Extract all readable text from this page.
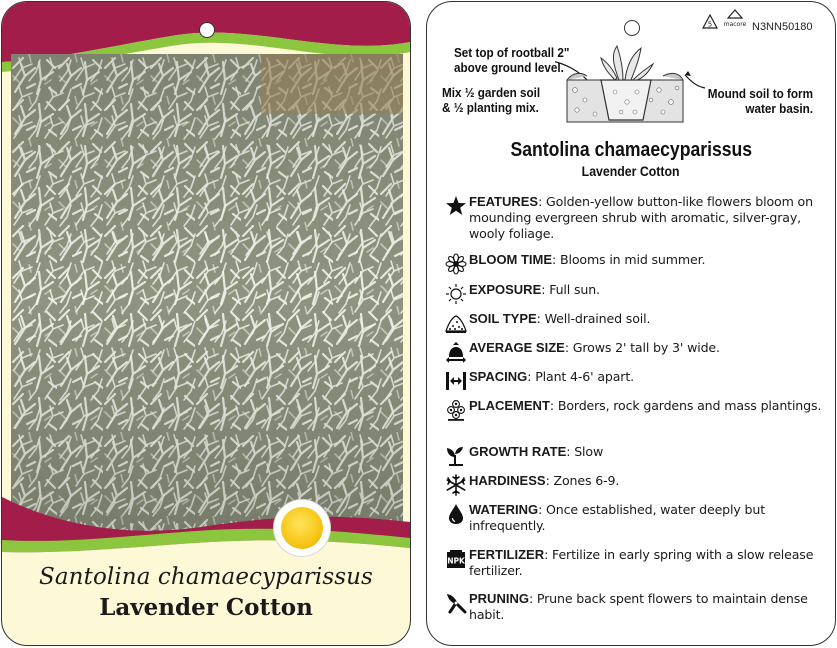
Santolina chamaecyparissus
Lavender Cotton
5 macore N3NN50180

Set top of rootball 2"

above ground level.

Mix ½ garden soil

& ½ planting mix.

Mound soil to form

water basin.

Santolina chamaecyparissus
Lavender Cotton
FEATURES: Golden-yellow button-like flowers bloom on mounding evergreen shrub with aromatic, silver-gray, wooly foliage.
BLOOM TIME: Blooms in mid summer.
EXPOSURE: Full sun.
SOIL TYPE: Well-drained soil.
AVERAGE SIZE: Grows 2' tall by 3' wide.
SPACING: Plant 4-6' apart.
PLACEMENT: Borders, rock gardens and mass plantings.
GROWTH RATE: Slow
HARDINESS: Zones 6-9.
WATERING: Once established, water deeply but infrequently.
NPK FERTILIZER: Fertilize in early spring with a slow release fertilizer.
PRUNING: Prune back spent flowers to maintain dense habit.
